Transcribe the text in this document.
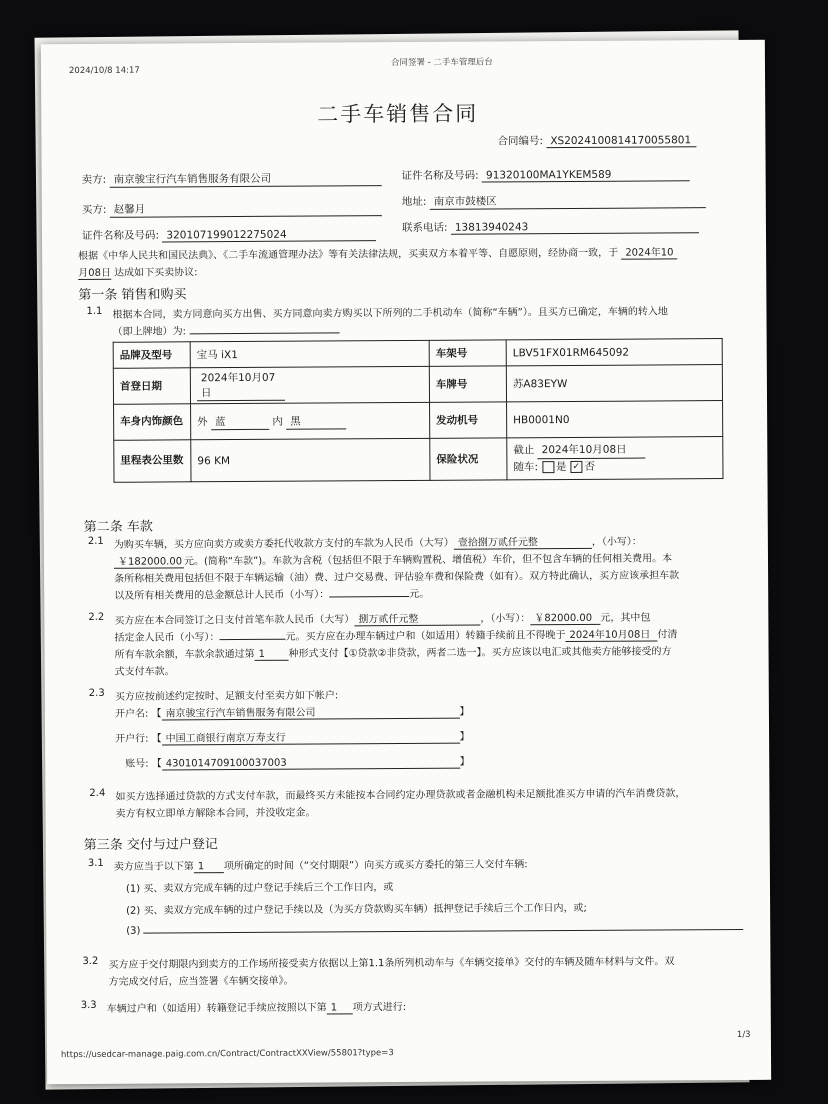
2024/10/8 14:17
合同签署 - 二手车管理后台
二手车销售合同
合同编号: XS2024100814170055801
卖方: 南京骏宝行汽车销售服务有限公司	证件名称及号码: 91320100MA1YKEM589
买方: 赵馨月
地址: 南京市鼓楼区
证件名称及号码: 320107199012275024
联系电话: 13813940243
根据《中华人民共和国民法典》、《二手车流通管理办法》等有关法律法规，买卖双方本着平等、自愿原则，经协商一致，于 2024年10
月08日 达成如下买卖协议:
第一条 销售和购买
1.1 根据本合同，卖方同意向买方出售、买方同意向卖方购买以下所列的二手机动车（简称“车辆”）。且买方已确定，车辆的转入地
（即上牌地）为:
品牌及型号	宝马 iX1	车架号	LBV51FX01RM645092
首登日期	2024年10月07日	车牌号	苏A83EYW
车身内饰颜色	外 蓝 内 黑	发动机号	HB0001N0
里程表公里数	96 KM	保险状况	截止 2024年10月08日
随车: 是 ✓ 否
第二条 车款
2.1 为购买车辆，买方应向卖方或卖方委托代收款方支付的车款为人民币（大写） 壹拾捌万贰仟元整	，（小写）：
￥182000.00 元。(简称“车款”)。车款为含税（包括但不限于车辆购置税、增值税）车价，但不包含车辆的任何相关费用。本
条所称相关费用包括但不限于车辆运输（油）费、过户交易费、评估验车费和保险费（如有）。双方特此确认，买方应该承担车款
以及所有相关费用的总金额总计人民币（小写）：	元。
2.2 买方应在本合同签订之日支付首笔车款人民币（大写） 捌万贰仟元整	，（小写）： ￥82000.00 元，其中包
括定金人民币（小写）：	元。买方应在办理车辆过户和（如适用）转籍手续前且不得晚于 2024年10月08日 付清
所有车款余额，车款余款通过第 1 种形式支付【①贷款②非贷款，两者二选一】。买方应该以电汇或其他卖方能够接受的方
式支付车款。
2.3 买方应按前述约定按时、足额支付至卖方如下帐户:
开户名: 【 南京骏宝行汽车销售服务有限公司	】
开户行: 【 中国工商银行南京万寿支行	】
账号: 【 4301014709100037003	】
2.4 如买方选择通过贷款的方式支付车款，而最终买方未能按本合同约定办理贷款或者金融机构未足额批准买方申请的汽车消费贷款，
卖方有权立即单方解除本合同，并没收定金。
第三条 交付与过户登记
3.1 卖方应当于以下第 1 项所确定的时间（“交付期限”）向买方或买方委托的第三人交付车辆:
(1) 买、卖双方完成车辆的过户登记手续后三个工作日内，或
(2) 买、卖双方完成车辆的过户登记手续以及（为买方贷款购买车辆）抵押登记手续后三个工作日内，或;
(3)
3.2 买方应于交付期限内到卖方的工作场所接受卖方依据以上第1.1条所列机动车与《车辆交接单》交付的车辆及随车材料与文件。双
方完成交付后，应当签署《车辆交接单》。
3.3 车辆过户和（如适用）转籍登记手续应按照以下第 1 项方式进行:
https://usedcar-manage.paig.com.cn/Contract/ContractXXView/55801?type=3
1/3
